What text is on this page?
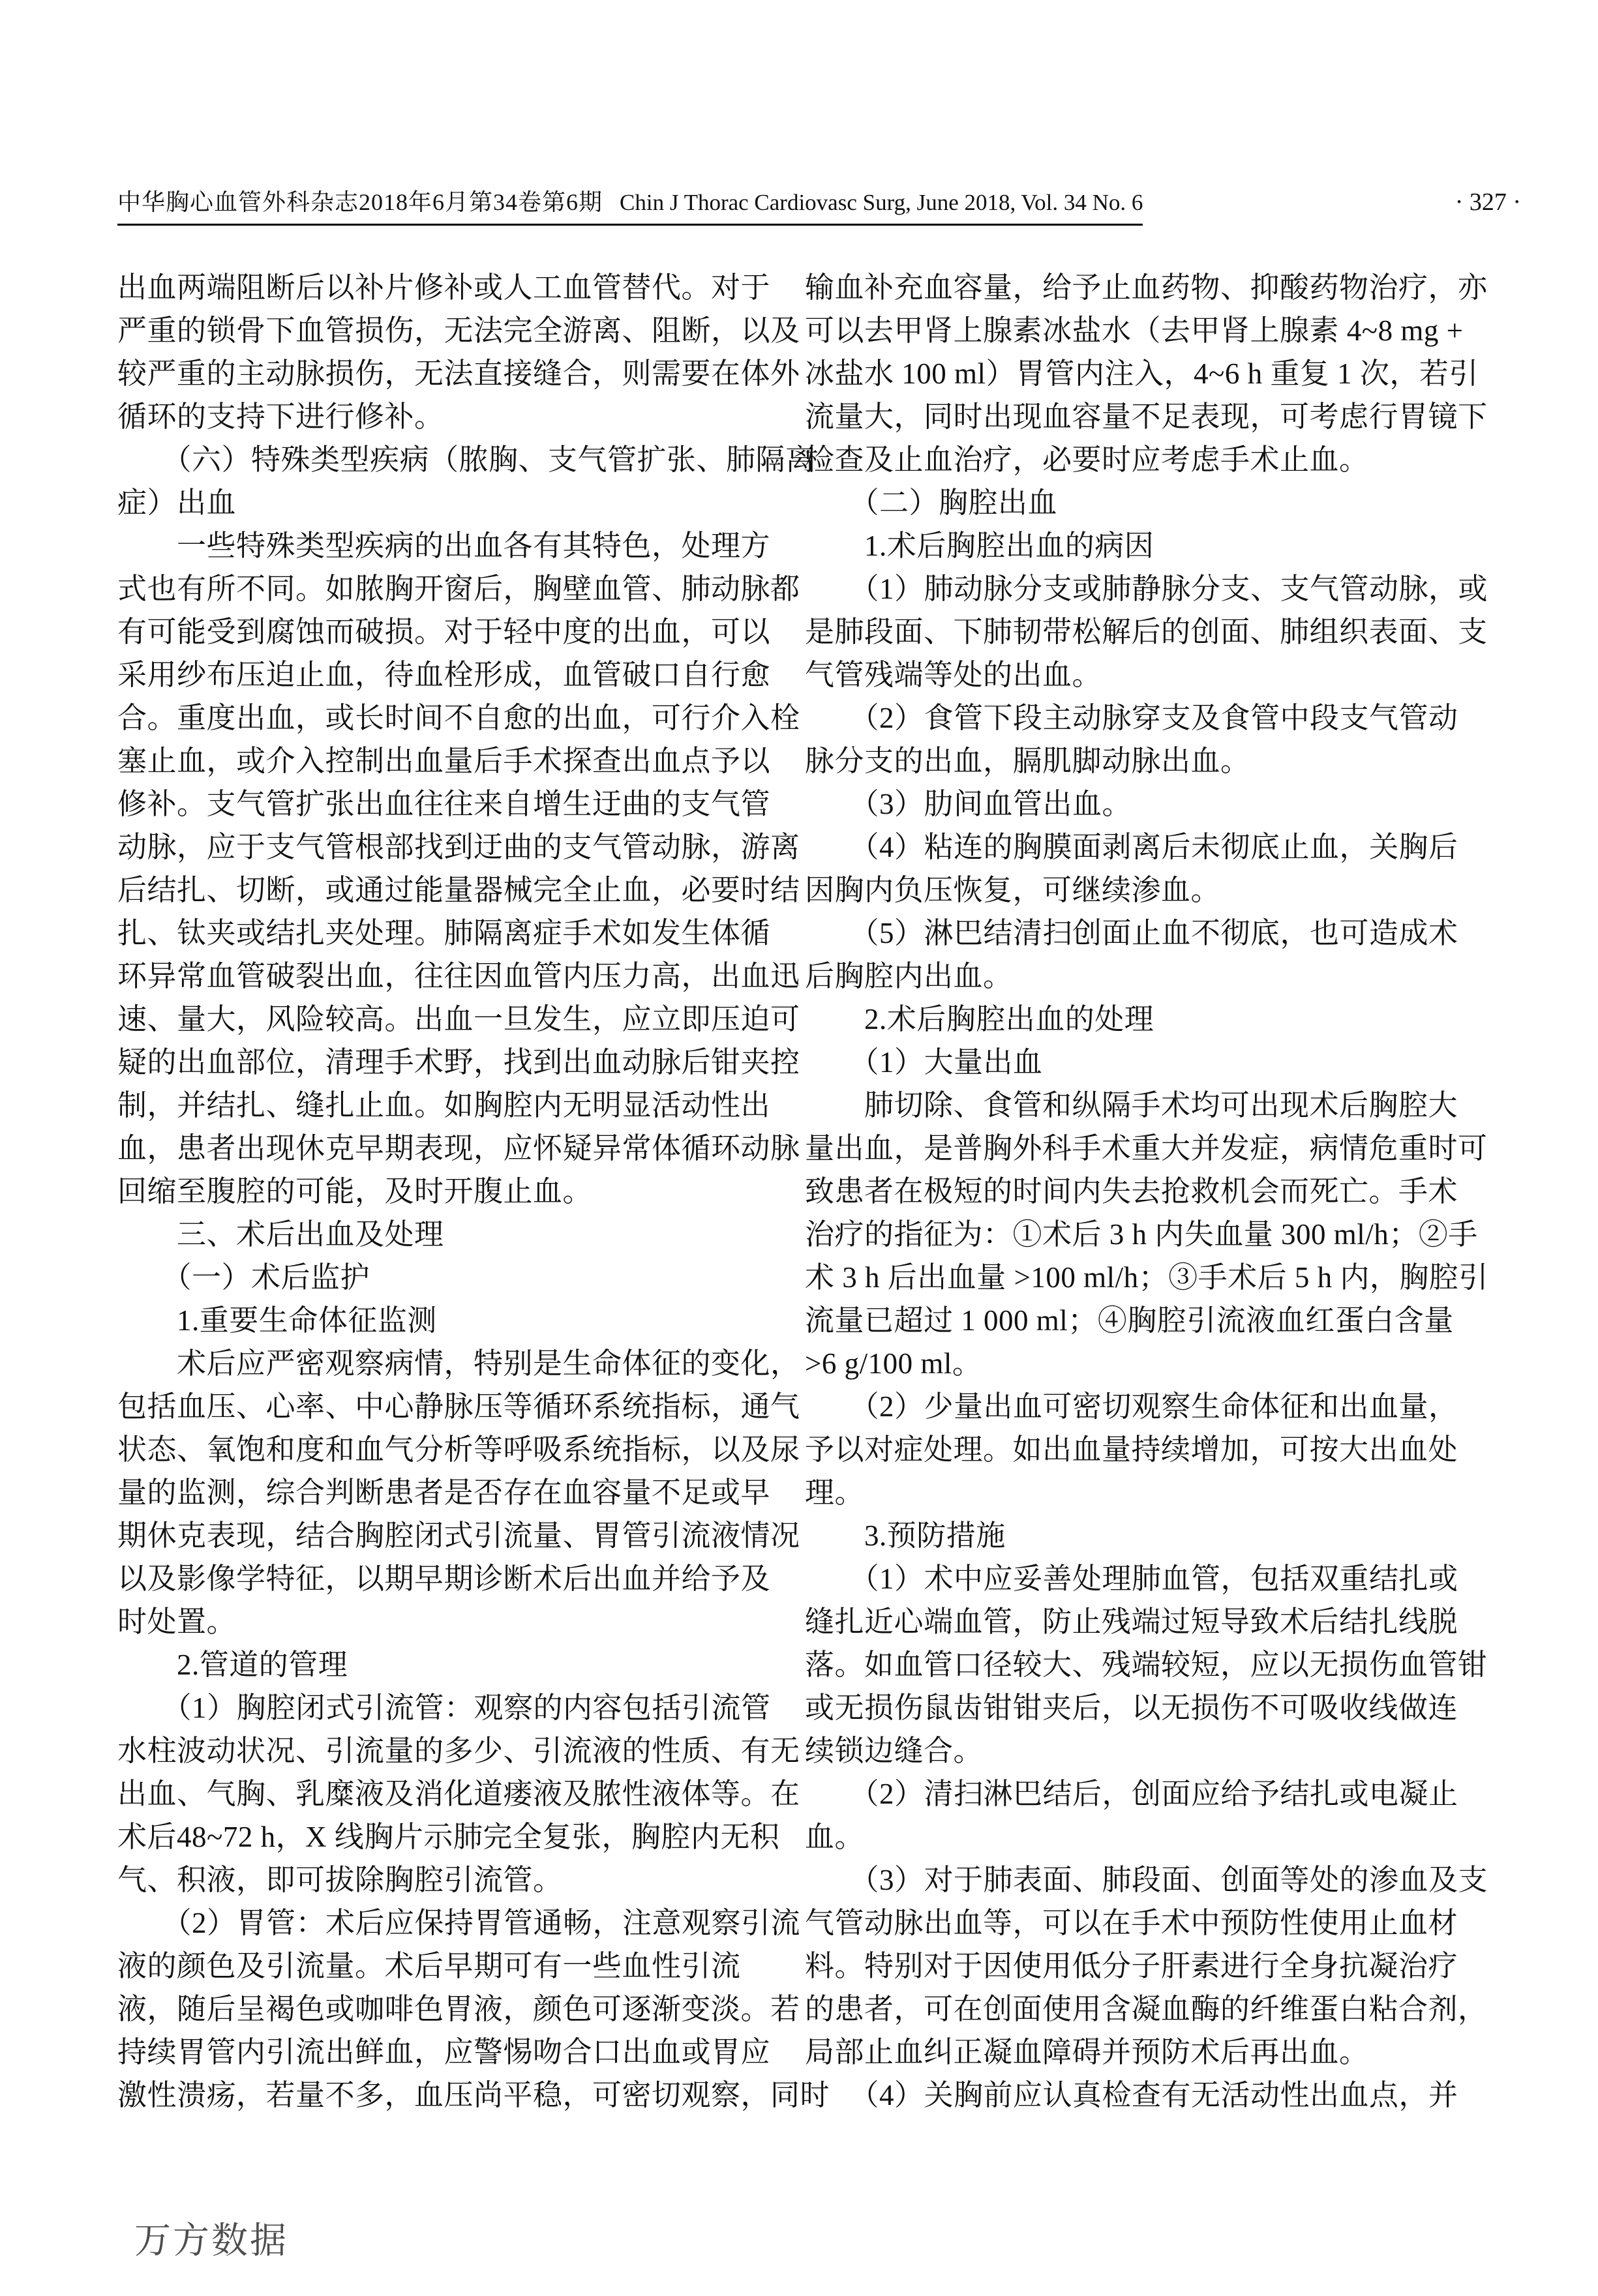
中华胸心血管外科杂志2018年6月第34卷第6期 Chin J Thorac Cardiovasc Surg, June 2018, Vol. 34 No. 6	· 327 ·
出血两端阻断后以补片修补或人工血管替代。对于
严重的锁骨下血管损伤，无法完全游离、阻断，以及
较严重的主动脉损伤，无法直接缝合，则需要在体外
循环的支持下进行修补。
　　（六）特殊类型疾病（脓胸、支气管扩张、肺隔离
症）出血
　　一些特殊类型疾病的出血各有其特色，处理方
式也有所不同。如脓胸开窗后，胸壁血管、肺动脉都
有可能受到腐蚀而破损。对于轻中度的出血，可以
采用纱布压迫止血，待血栓形成，血管破口自行愈
合。重度出血，或长时间不自愈的出血，可行介入栓
塞止血，或介入控制出血量后手术探查出血点予以
修补。支气管扩张出血往往来自增生迂曲的支气管
动脉，应于支气管根部找到迂曲的支气管动脉，游离
后结扎、切断，或通过能量器械完全止血，必要时结
扎、钛夹或结扎夹处理。肺隔离症手术如发生体循
环异常血管破裂出血，往往因血管内压力高，出血迅
速、量大，风险较高。出血一旦发生，应立即压迫可
疑的出血部位，清理手术野，找到出血动脉后钳夹控
制，并结扎、缝扎止血。如胸腔内无明显活动性出
血，患者出现休克早期表现，应怀疑异常体循环动脉
回缩至腹腔的可能，及时开腹止血。
　　三、术后出血及处理
　　（一）术后监护
　　1.重要生命体征监测
　　术后应严密观察病情，特别是生命体征的变化，
包括血压、心率、中心静脉压等循环系统指标，通气
状态、氧饱和度和血气分析等呼吸系统指标，以及尿
量的监测，综合判断患者是否存在血容量不足或早
期休克表现，结合胸腔闭式引流量、胃管引流液情况
以及影像学特征，以期早期诊断术后出血并给予及
时处置。
　　2.管道的管理
　　（1）胸腔闭式引流管：观察的内容包括引流管
水柱波动状况、引流量的多少、引流液的性质、有无
出血、气胸、乳糜液及消化道瘘液及脓性液体等。在
术后48~72 h，X 线胸片示肺完全复张，胸腔内无积
气、积液，即可拔除胸腔引流管。
　　（2）胃管：术后应保持胃管通畅，注意观察引流
液的颜色及引流量。术后早期可有一些血性引流
液，随后呈褐色或咖啡色胃液，颜色可逐渐变淡。若
持续胃管内引流出鲜血，应警惕吻合口出血或胃应
激性溃疡，若量不多，血压尚平稳，可密切观察，同时
输血补充血容量，给予止血药物、抑酸药物治疗，亦
可以去甲肾上腺素冰盐水（去甲肾上腺素 4~8 mg +
冰盐水 100 ml）胃管内注入，4~6 h 重复 1 次，若引
流量大，同时出现血容量不足表现，可考虑行胃镜下
检查及止血治疗，必要时应考虑手术止血。
　　（二）胸腔出血
　　1.术后胸腔出血的病因
　　（1）肺动脉分支或肺静脉分支、支气管动脉，或
是肺段面、下肺韧带松解后的创面、肺组织表面、支
气管残端等处的出血。
　　（2）食管下段主动脉穿支及食管中段支气管动
脉分支的出血，膈肌脚动脉出血。
　　（3）肋间血管出血。
　　（4）粘连的胸膜面剥离后未彻底止血，关胸后
因胸内负压恢复，可继续渗血。
　　（5）淋巴结清扫创面止血不彻底，也可造成术
后胸腔内出血。
　　2.术后胸腔出血的处理
　　（1）大量出血
　　肺切除、食管和纵隔手术均可出现术后胸腔大
量出血，是普胸外科手术重大并发症，病情危重时可
致患者在极短的时间内失去抢救机会而死亡。手术
治疗的指征为：①术后 3 h 内失血量 300 ml/h；②手
术 3 h 后出血量 >100 ml/h；③手术后 5 h 内，胸腔引
流量已超过 1 000 ml；④胸腔引流液血红蛋白含量
>6 g/100 ml。
　　（2）少量出血可密切观察生命体征和出血量，
予以对症处理。如出血量持续增加，可按大出血处
理。
　　3.预防措施
　　（1）术中应妥善处理肺血管，包括双重结扎或
缝扎近心端血管，防止残端过短导致术后结扎线脱
落。如血管口径较大、残端较短，应以无损伤血管钳
或无损伤鼠齿钳钳夹后，以无损伤不可吸收线做连
续锁边缝合。
　　（2）清扫淋巴结后，创面应给予结扎或电凝止
血。
　　（3）对于肺表面、肺段面、创面等处的渗血及支
气管动脉出血等，可以在手术中预防性使用止血材
料。特别对于因使用低分子肝素进行全身抗凝治疗
的患者，可在创面使用含凝血酶的纤维蛋白粘合剂，
局部止血纠正凝血障碍并预防术后再出血。
　　（4）关胸前应认真检查有无活动性出血点，并
万方数据
